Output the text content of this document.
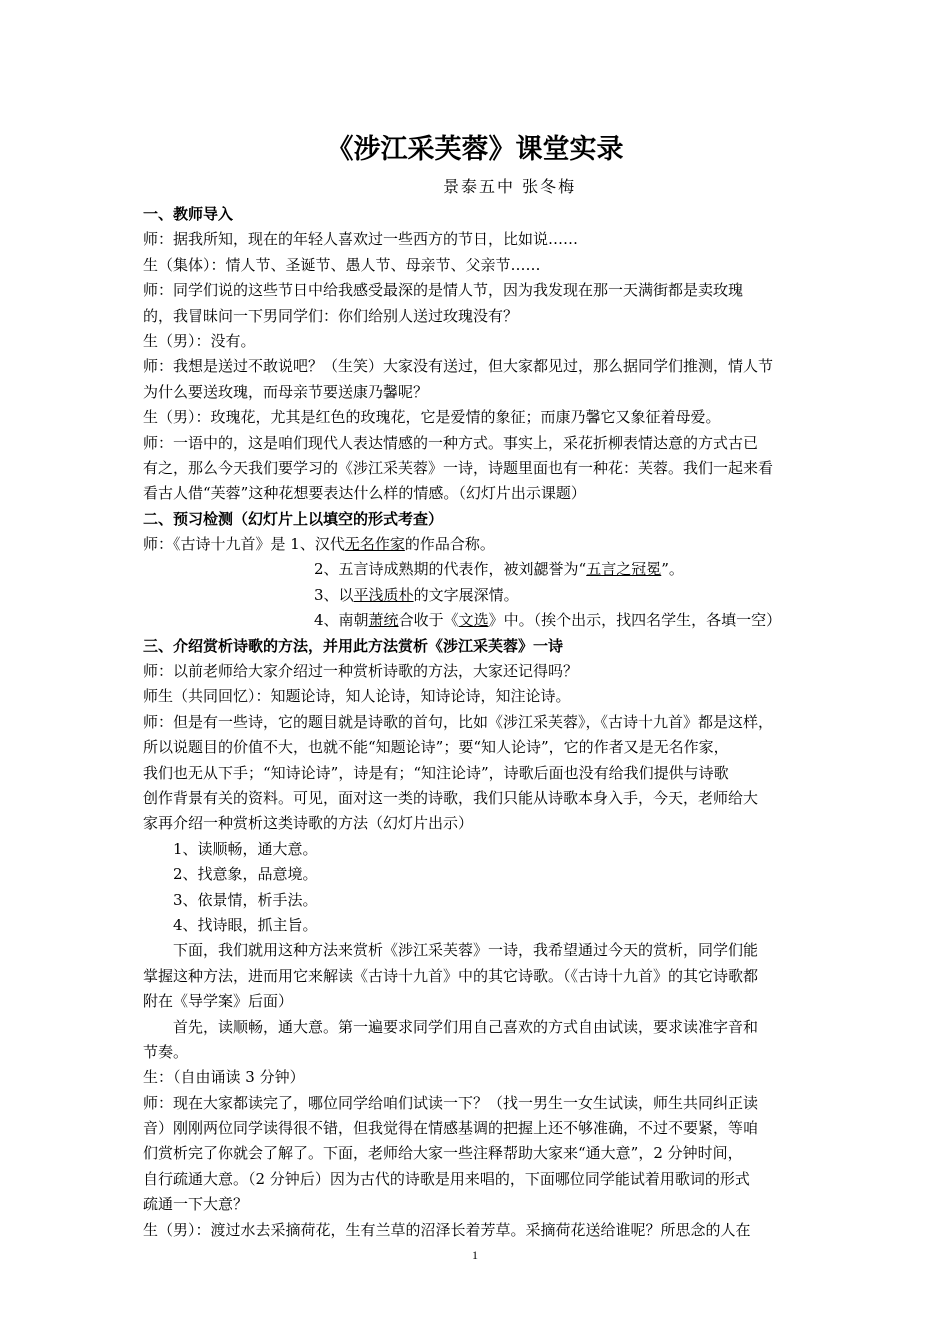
《涉江采芙蓉》课堂实录
景泰五中 张冬梅
一、教师导入
师：据我所知，现在的年轻人喜欢过一些西方的节日，比如说……
生（集体）：情人节、圣诞节、愚人节、母亲节、父亲节……
师：同学们说的这些节日中给我感受最深的是情人节，因为我发现在那一天满街都是卖玫瑰
的，我冒昧问一下男同学们：你们给别人送过玫瑰没有？
生（男）：没有。
师：我想是送过不敢说吧？（生笑）大家没有送过，但大家都见过，那么据同学们推测，情人节
为什么要送玫瑰，而母亲节要送康乃馨呢？
生（男）：玫瑰花，尤其是红色的玫瑰花，它是爱情的象征；而康乃馨它又象征着母爱。
师：一语中的，这是咱们现代人表达情感的一种方式。事实上，采花折柳表情达意的方式古已
有之，那么今天我们要学习的《涉江采芙蓉》一诗，诗题里面也有一种花：芙蓉。我们一起来看
看古人借“芙蓉”这种花想要表达什么样的情感。（幻灯片出示课题）
二、预习检测（幻灯片上以填空的形式考查）
师：《古诗十九首》是 1、汉代无名作家的作品合称。
2、五言诗成熟期的代表作，被刘勰誉为“五言之冠冕”。
3、以平浅质朴的文字展深情。
4、南朝萧统合收于《文选》中。（挨个出示，找四名学生，各填一空）
三、介绍赏析诗歌的方法，并用此方法赏析《涉江采芙蓉》一诗
师：以前老师给大家介绍过一种赏析诗歌的方法，大家还记得吗？
师生（共同回忆）：知题论诗，知人论诗，知诗论诗，知注论诗。
师：但是有一些诗，它的题目就是诗歌的首句，比如《涉江采芙蓉》，《古诗十九首》都是这样，
所以说题目的价值不大，也就不能“知题论诗”；要“知人论诗”，它的作者又是无名作家，
我们也无从下手；“知诗论诗”，诗是有；“知注论诗”，诗歌后面也没有给我们提供与诗歌
创作背景有关的资料。可见，面对这一类的诗歌，我们只能从诗歌本身入手，今天，老师给大
家再介绍一种赏析这类诗歌的方法（幻灯片出示）
1、读顺畅，通大意。
2、找意象，品意境。
3、依景情，析手法。
4、找诗眼，抓主旨。
下面，我们就用这种方法来赏析《涉江采芙蓉》一诗，我希望通过今天的赏析，同学们能
掌握这种方法，进而用它来解读《古诗十九首》中的其它诗歌。（《古诗十九首》的其它诗歌都
附在《导学案》后面）
首先，读顺畅，通大意。第一遍要求同学们用自己喜欢的方式自由试读，要求读准字音和
节奏。
生：（自由诵读 3 分钟）
师：现在大家都读完了，哪位同学给咱们试读一下？（找一男生一女生试读，师生共同纠正读
音）刚刚两位同学读得很不错，但我觉得在情感基调的把握上还不够准确，不过不要紧，等咱
们赏析完了你就会了解了。下面，老师给大家一些注释帮助大家来“通大意”，2 分钟时间，
自行疏通大意。（2 分钟后）因为古代的诗歌是用来唱的，下面哪位同学能试着用歌词的形式
疏通一下大意？
生（男）：渡过水去采摘荷花，生有兰草的沼泽长着芳草。采摘荷花送给谁呢？所思念的人在
1
